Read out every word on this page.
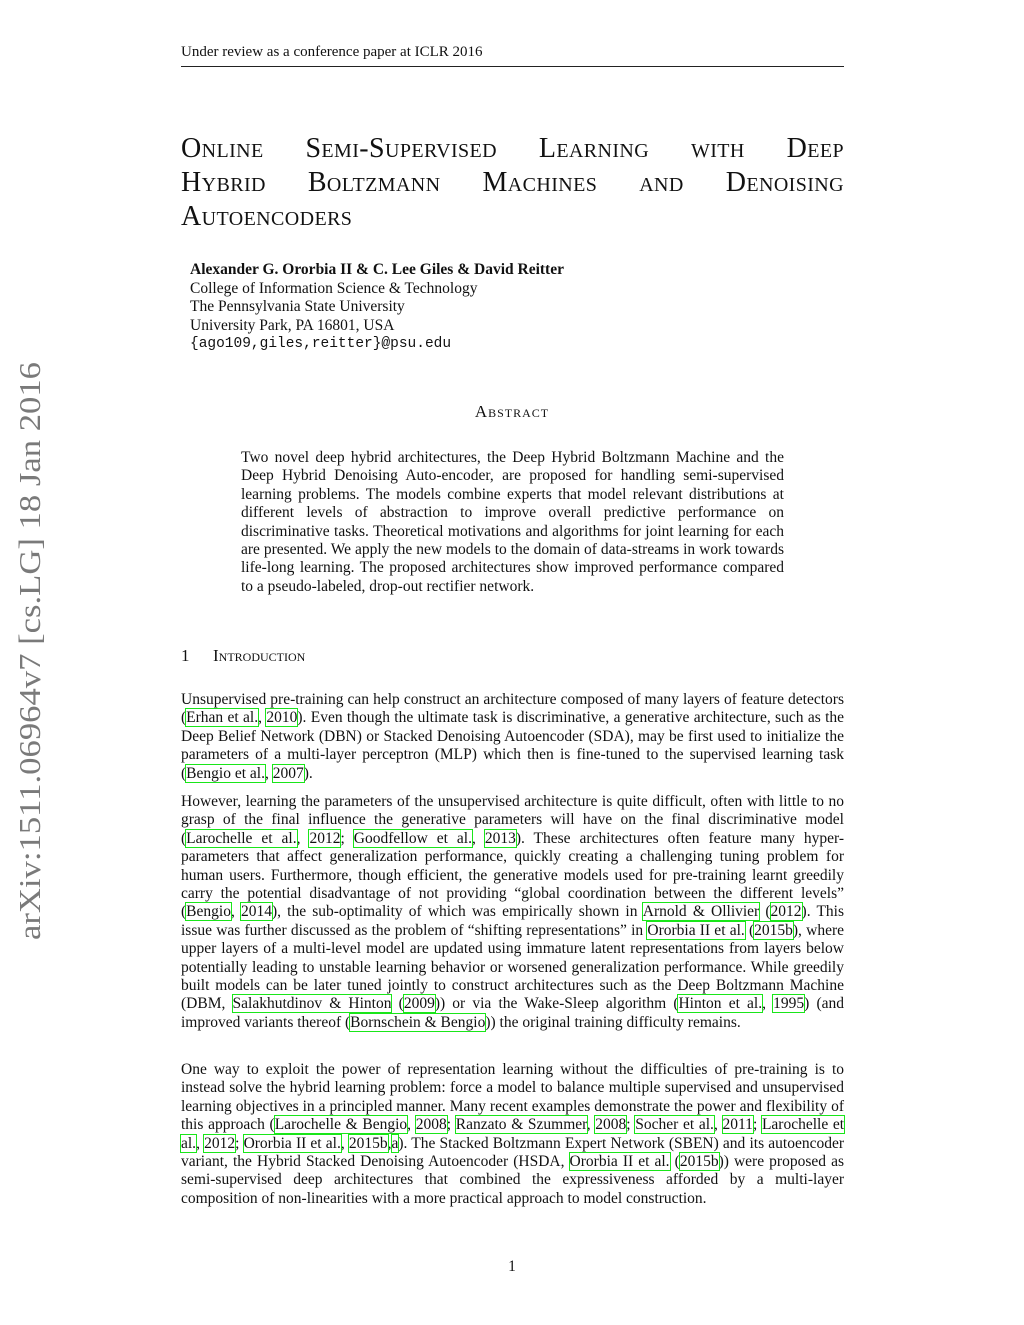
Under review as a conference paper at ICLR 2016
arXiv:1511.06964v7 [cs.LG] 18 Jan 2016
Online Semi-Supervised Learning with Deep
Hybrid Boltzmann Machines and Denoising
Autoencoders
Alexander G. Ororbia II & C. Lee Giles & David Reitter
College of Information Science & Technology
The Pennsylvania State University
University Park, PA 16801, USA
{ago109,giles,reitter}@psu.edu
Abstract
Two novel deep hybrid architectures, the Deep Hybrid Boltzmann Machine and the Deep Hybrid Denoising Auto-encoder, are proposed for handling semi-supervised learning problems. The models combine experts that model relevant distributions at different levels of abstraction to improve overall predictive performance on discriminative tasks. Theoretical motivations and algorithms for joint learning for each are presented. We apply the new models to the domain of data-streams in work towards life-long learning. The proposed architectures show improved performance compared to a pseudo-labeled, drop-out rectifier network.
1 Introduction
Unsupervised pre-training can help construct an architecture composed of many layers of feature detectors (Erhan et al., 2010). Even though the ultimate task is discriminative, a generative architecture, such as the Deep Belief Network (DBN) or Stacked Denoising Autoencoder (SDA), may be first used to initialize the parameters of a multi-layer perceptron (MLP) which then is fine-tuned to the supervised learning task (Bengio et al., 2007).
However, learning the parameters of the unsupervised architecture is quite difficult, often with little to no grasp of the final influence the generative parameters will have on the final discriminative model (Larochelle et al., 2012; Goodfellow et al., 2013). These architectures often feature many hyper-parameters that affect generalization performance, quickly creating a challenging tuning problem for human users. Furthermore, though efficient, the generative models used for pre-training learnt greedily carry the potential disadvantage of not providing “global coordination between the different levels” (Bengio, 2014), the sub-optimality of which was empirically shown in Arnold & Ollivier (2012). This issue was further discussed as the problem of “shifting representations” in Ororbia II et al. (2015b), where upper layers of a multi-level model are updated using immature latent representations from layers below potentially leading to unstable learning behavior or worsened generalization performance. While greedily built models can be later tuned jointly to construct architectures such as the Deep Boltzmann Machine (DBM, Salakhutdinov & Hinton (2009)) or via the Wake-Sleep algorithm (Hinton et al., 1995) (and improved variants thereof (Bornschein & Bengio)) the original training difficulty remains.
One way to exploit the power of representation learning without the difficulties of pre-training is to instead solve the hybrid learning problem: force a model to balance multiple supervised and unsupervised learning objectives in a principled manner. Many recent examples demonstrate the power and flexibility of this approach (Larochelle & Bengio, 2008; Ranzato & Szummer, 2008; Socher et al., 2011; Larochelle et al., 2012; Ororbia II et al., 2015b,a). The Stacked Boltzmann Expert Network (SBEN) and its autoencoder variant, the Hybrid Stacked Denoising Autoencoder (HSDA, Ororbia II et al. (2015b)) were proposed as semi-supervised deep architectures that combined the expressiveness afforded by a multi-layer composition of non-linearities with a more practical approach to model construction.
1
